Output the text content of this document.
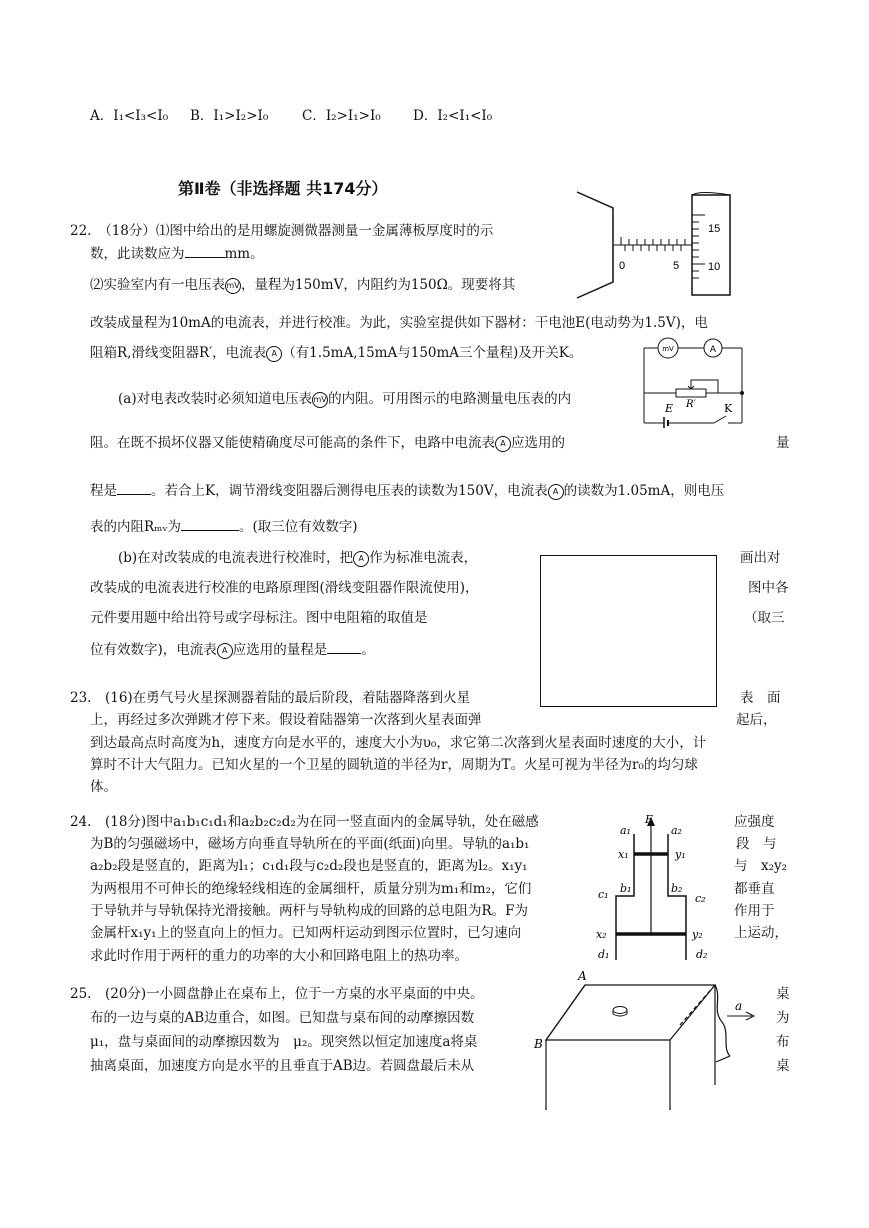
A．I₁<I₃<I₀ B．I₁>I₂>I₀ C．I₂>I₁>I₀ D．I₂<I₁<I₀
第Ⅱ卷（非选择题 共174分）
22.　（18分）⑴图中给出的是用螺旋测微器测量一金属薄板厚度时的示
数，此读数应为	mm。
⑵实验室内有一电压表mV，量程为150mV，内阻约为150Ω。现要将其
改装成量程为10mA的电流表，并进行校准。为此，实验室提供如下器材：干电池E(电动势为1.5V)，电
阻箱R,滑线变阻器R′，电流表 A （有1.5mA,15mA与150mA三个量程)及开关K。
(a)对电表改装时必须知道电压表mV的内阻。可用图示的电路测量电压表的内
阻。在既不损坏仪器又能使精确度尽可能高的条件下，电路中电流表 A 应选用的	量
程是	。若合上K，调节滑线变阻器后测得电压表的读数为150V，电流表 A 的读数为1.05mA，则电压
表的内阻Rₘᵥ为	。(取三位有效数字)
(b)在对改装成的电流表进行校准时，把 A 作为标准电流表，	画出对
改装成的电流表进行校准的电路原理图(滑线变阻器作限流使用)，	图中各
元件要用题中给出符号或字母标注。图中电阻箱的取值是	（取三
位有效数字)，电流表 A 应选用的量程是	。
15
10
0	5
mV	A
E R′	K
23.　(16)在勇气号火星探测器着陆的最后阶段，着陆器降落到火星	表　面
上，再经过多次弹跳才停下来。假设着陆器第一次落到火星表面弹	起后，
到达最高点时高度为h，速度方向是水平的，速度大小为υ₀，求它第二次落到火星表面时速度的大小，计
算时不计大气阻力。已知火星的一个卫星的圆轨道的半径为r，周期为T。火星可视为半径为r₀的均匀球
体。
24.　(18分)图中a₁b₁c₁d₁和a₂b₂c₂d₂为在同一竖直面内的金属导轨，处在磁感	应强度
为B的匀强磁场中，磁场方向垂直导轨所在的平面(纸面)向里。导轨的a₁b₁	段　与
a₂b₂段是竖直的，距离为l₁；c₁d₁段与c₂d₂段也是竖直的，距离为l₂。x₁y₁	与　x₂y₂
为两根用不可伸长的绝缘轻线相连的金属细杆，质量分别为m₁和m₂，它们	都垂直
于导轨并与导轨保持光滑接触。两杆与导轨构成的回路的总电阻为R。F为	作用于
金属杆x₁y₁上的竖直向上的恒力。已知两杆运动到图示位置时，已匀速向	上运动，
求此时作用于两杆的重力的功率的大小和回路电阻上的热功率。
F
a₁	a₂
x₁	y₁
b₁	b₂
c₁	c₂
x₂	y₂
d₁	d₂
25.　(20分)一小圆盘静止在桌布上，位于一方桌的水平桌面的中央。	桌
布的一边与桌的AB边重合，如图。已知盘与桌布间的动摩擦因数	为
μ₁，盘与桌面间的动摩擦因数为　μ₂。现突然以恒定加速度a将桌	布
抽离桌面，加速度方向是水平的且垂直于AB边。若圆盘最后未从	桌
A
B
a
